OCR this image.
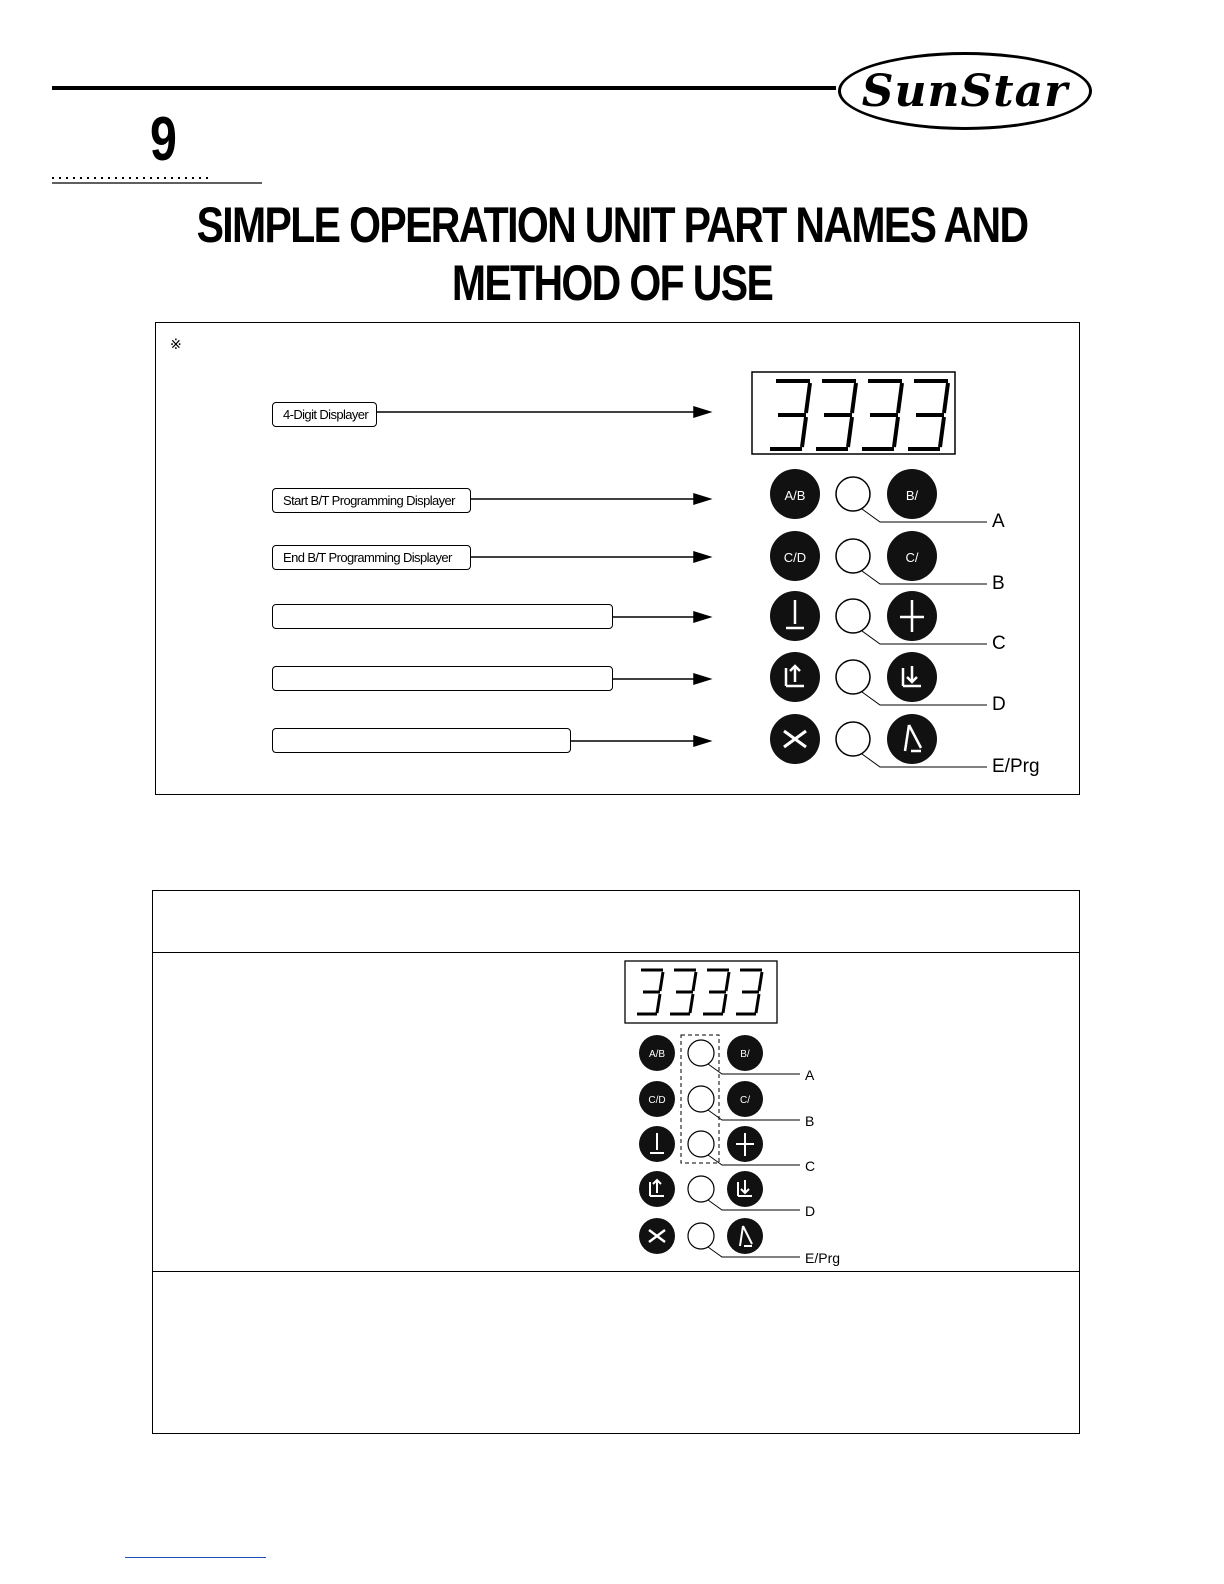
SunStar
9
SIMPLE OPERATION UNIT PART NAMES AND METHOD OF USE
※
4-Digit Displayer
Start B/T Programming Displayer
End B/T Programming Displayer
A/B	B/
C/D	C/
A
B
C
D
E/Prg
A/B	B/
C/D	C/
A
B
C
D
E/Prg
